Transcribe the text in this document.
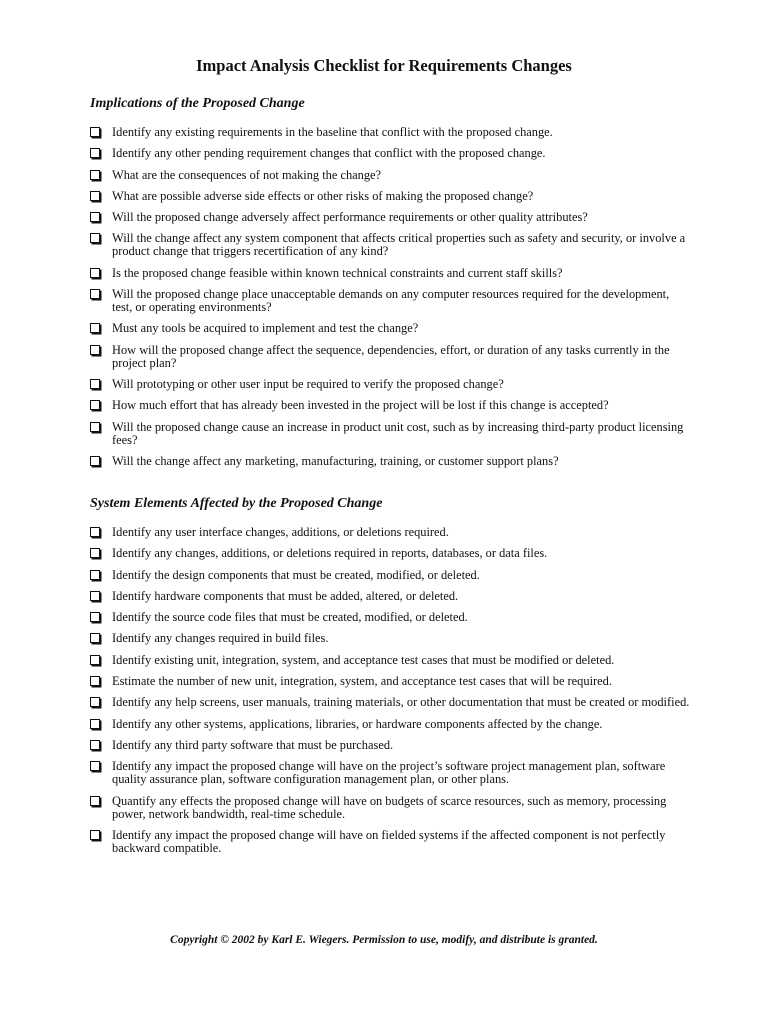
Impact Analysis Checklist for Requirements Changes
Implications of the Proposed Change
Identify any existing requirements in the baseline that conflict with the proposed change.
Identify any other pending requirement changes that conflict with the proposed change.
What are the consequences of not making the change?
What are possible adverse side effects or other risks of making the proposed change?
Will the proposed change adversely affect performance requirements or other quality attributes?
Will the change affect any system component that affects critical properties such as safety and security, or involve a product change that triggers recertification of any kind?
Is the proposed change feasible within known technical constraints and current staff skills?
Will the proposed change place unacceptable demands on any computer resources required for the development, test, or operating environments?
Must any tools be acquired to implement and test the change?
How will the proposed change affect the sequence, dependencies, effort, or duration of any tasks currently in the project plan?
Will prototyping or other user input be required to verify the proposed change?
How much effort that has already been invested in the project will be lost if this change is accepted?
Will the proposed change cause an increase in product unit cost, such as by increasing third-party product licensing fees?
Will the change affect any marketing, manufacturing, training, or customer support plans?
System Elements Affected by the Proposed Change
Identify any user interface changes, additions, or deletions required.
Identify any changes, additions, or deletions required in reports, databases, or data files.
Identify the design components that must be created, modified, or deleted.
Identify hardware components that must be added, altered, or deleted.
Identify the source code files that must be created, modified, or deleted.
Identify any changes required in build files.
Identify existing unit, integration, system, and acceptance test cases that must be modified or deleted.
Estimate the number of new unit, integration, system, and acceptance test cases that will be required.
Identify any help screens, user manuals, training materials, or other documentation that must be created or modified.
Identify any other systems, applications, libraries, or hardware components affected by the change.
Identify any third party software that must be purchased.
Identify any impact the proposed change will have on the project’s software project management plan, software quality assurance plan, software configuration management plan, or other plans.
Quantify any effects the proposed change will have on budgets of scarce resources, such as memory, processing power, network bandwidth, real-time schedule.
Identify any impact the proposed change will have on fielded systems if the affected component is not perfectly backward compatible.
Copyright © 2002 by Karl E. Wiegers. Permission to use, modify, and distribute is granted.
